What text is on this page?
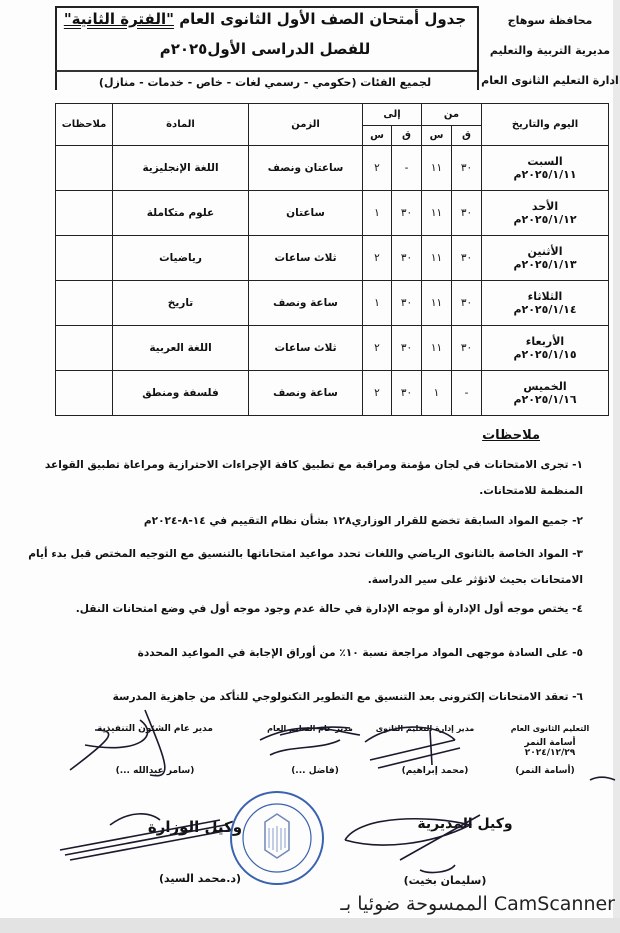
جدول أمتحان الصف الأول الثانوى العام "الفترة الثانية"
للفصل الدراسى الأول٢٠٢٥م
لجميع الفئات (حكومي - رسمي لغات - خاص - خدمات - منازل)
محافظة سوهاج
مديرية التربية والتعليم
ادارة التعليم الثانوى العام
اليوم والتاريخ	من		إلى		الزمن	المادة	ملاحظات
	ق	س	ق	س			

السبت
٢٠٢٥/١/١١م	٣٠	١١	-	٢	ساعتان ونصف	اللغة الإنجليزية	

الأحد
٢٠٢٥/١/١٢م	٣٠	١١	٣٠	١	ساعتان	علوم متكاملة	

الأثنين
٢٠٢٥/١/١٣م	٣٠	١١	٣٠	٢	ثلاث ساعات	رياضيات	

الثلاثاء
٢٠٢٥/١/١٤م	٣٠	١١	٣٠	١	ساعة ونصف	تاريخ	

الأربعاء
٢٠٢٥/١/١٥م	٣٠	١١	٣٠	٢	ثلاث ساعات	اللغة العربية	

الخميس
٢٠٢٥/١/١٦م	-	١	٣٠	٢	ساعة ونصف	فلسفة ومنطق	
ملاحظات
١- تجرى الامتحانات في لجان مؤمنة ومراقبة مع تطبيق كافة الإجراءات الاحترازية ومراعاة تطبيق القواعد المنظمة للامتحانات.
٢- جميع المواد السابقة تخضع للقرار الوزاري١٢٨ بشأن نظام التقييم في ١٤-٨-٢٠٢٤م
٣- المواد الخاصة بالثانوى الرياضي واللغات تحدد مواعيد امتحاناتها بالتنسيق مع التوجيه المختص قبل بدء أيام الامتحانات بحيث لاتؤثر على سير الدراسة.
٤- يختص موجه أول الإدارة أو موجه الإدارة في حالة عدم وجود موجه أول في وضع امتحانات النقل.
٥- على السادة موجهى المواد مراجعة نسبة ١٠٪ من أوراق الإجابة في المواعيد المحددة
٦- تعقد الامتحانات إلكترونى بعد التنسيق مع التطوير التكنولوجي للتأكد من جاهزية المدرسة
التعليم الثانوى العام
أسامة النمر ٢٠٢٤/١٢/٢٩
(أسامة النمر)
مدير إدارة التعليم الثانوى
(محمد إبراهيم)
مدير عام التعليم العام
(فاضل ...)
مدير عام الشئون التنفيذية
(سامر عبدالله ...)
وكيل المديرية
(سليمان بخيت)
وكيل الوزارة
(د.محمد السيد)
الممسوحة ضوئيا بـ CamScanner
